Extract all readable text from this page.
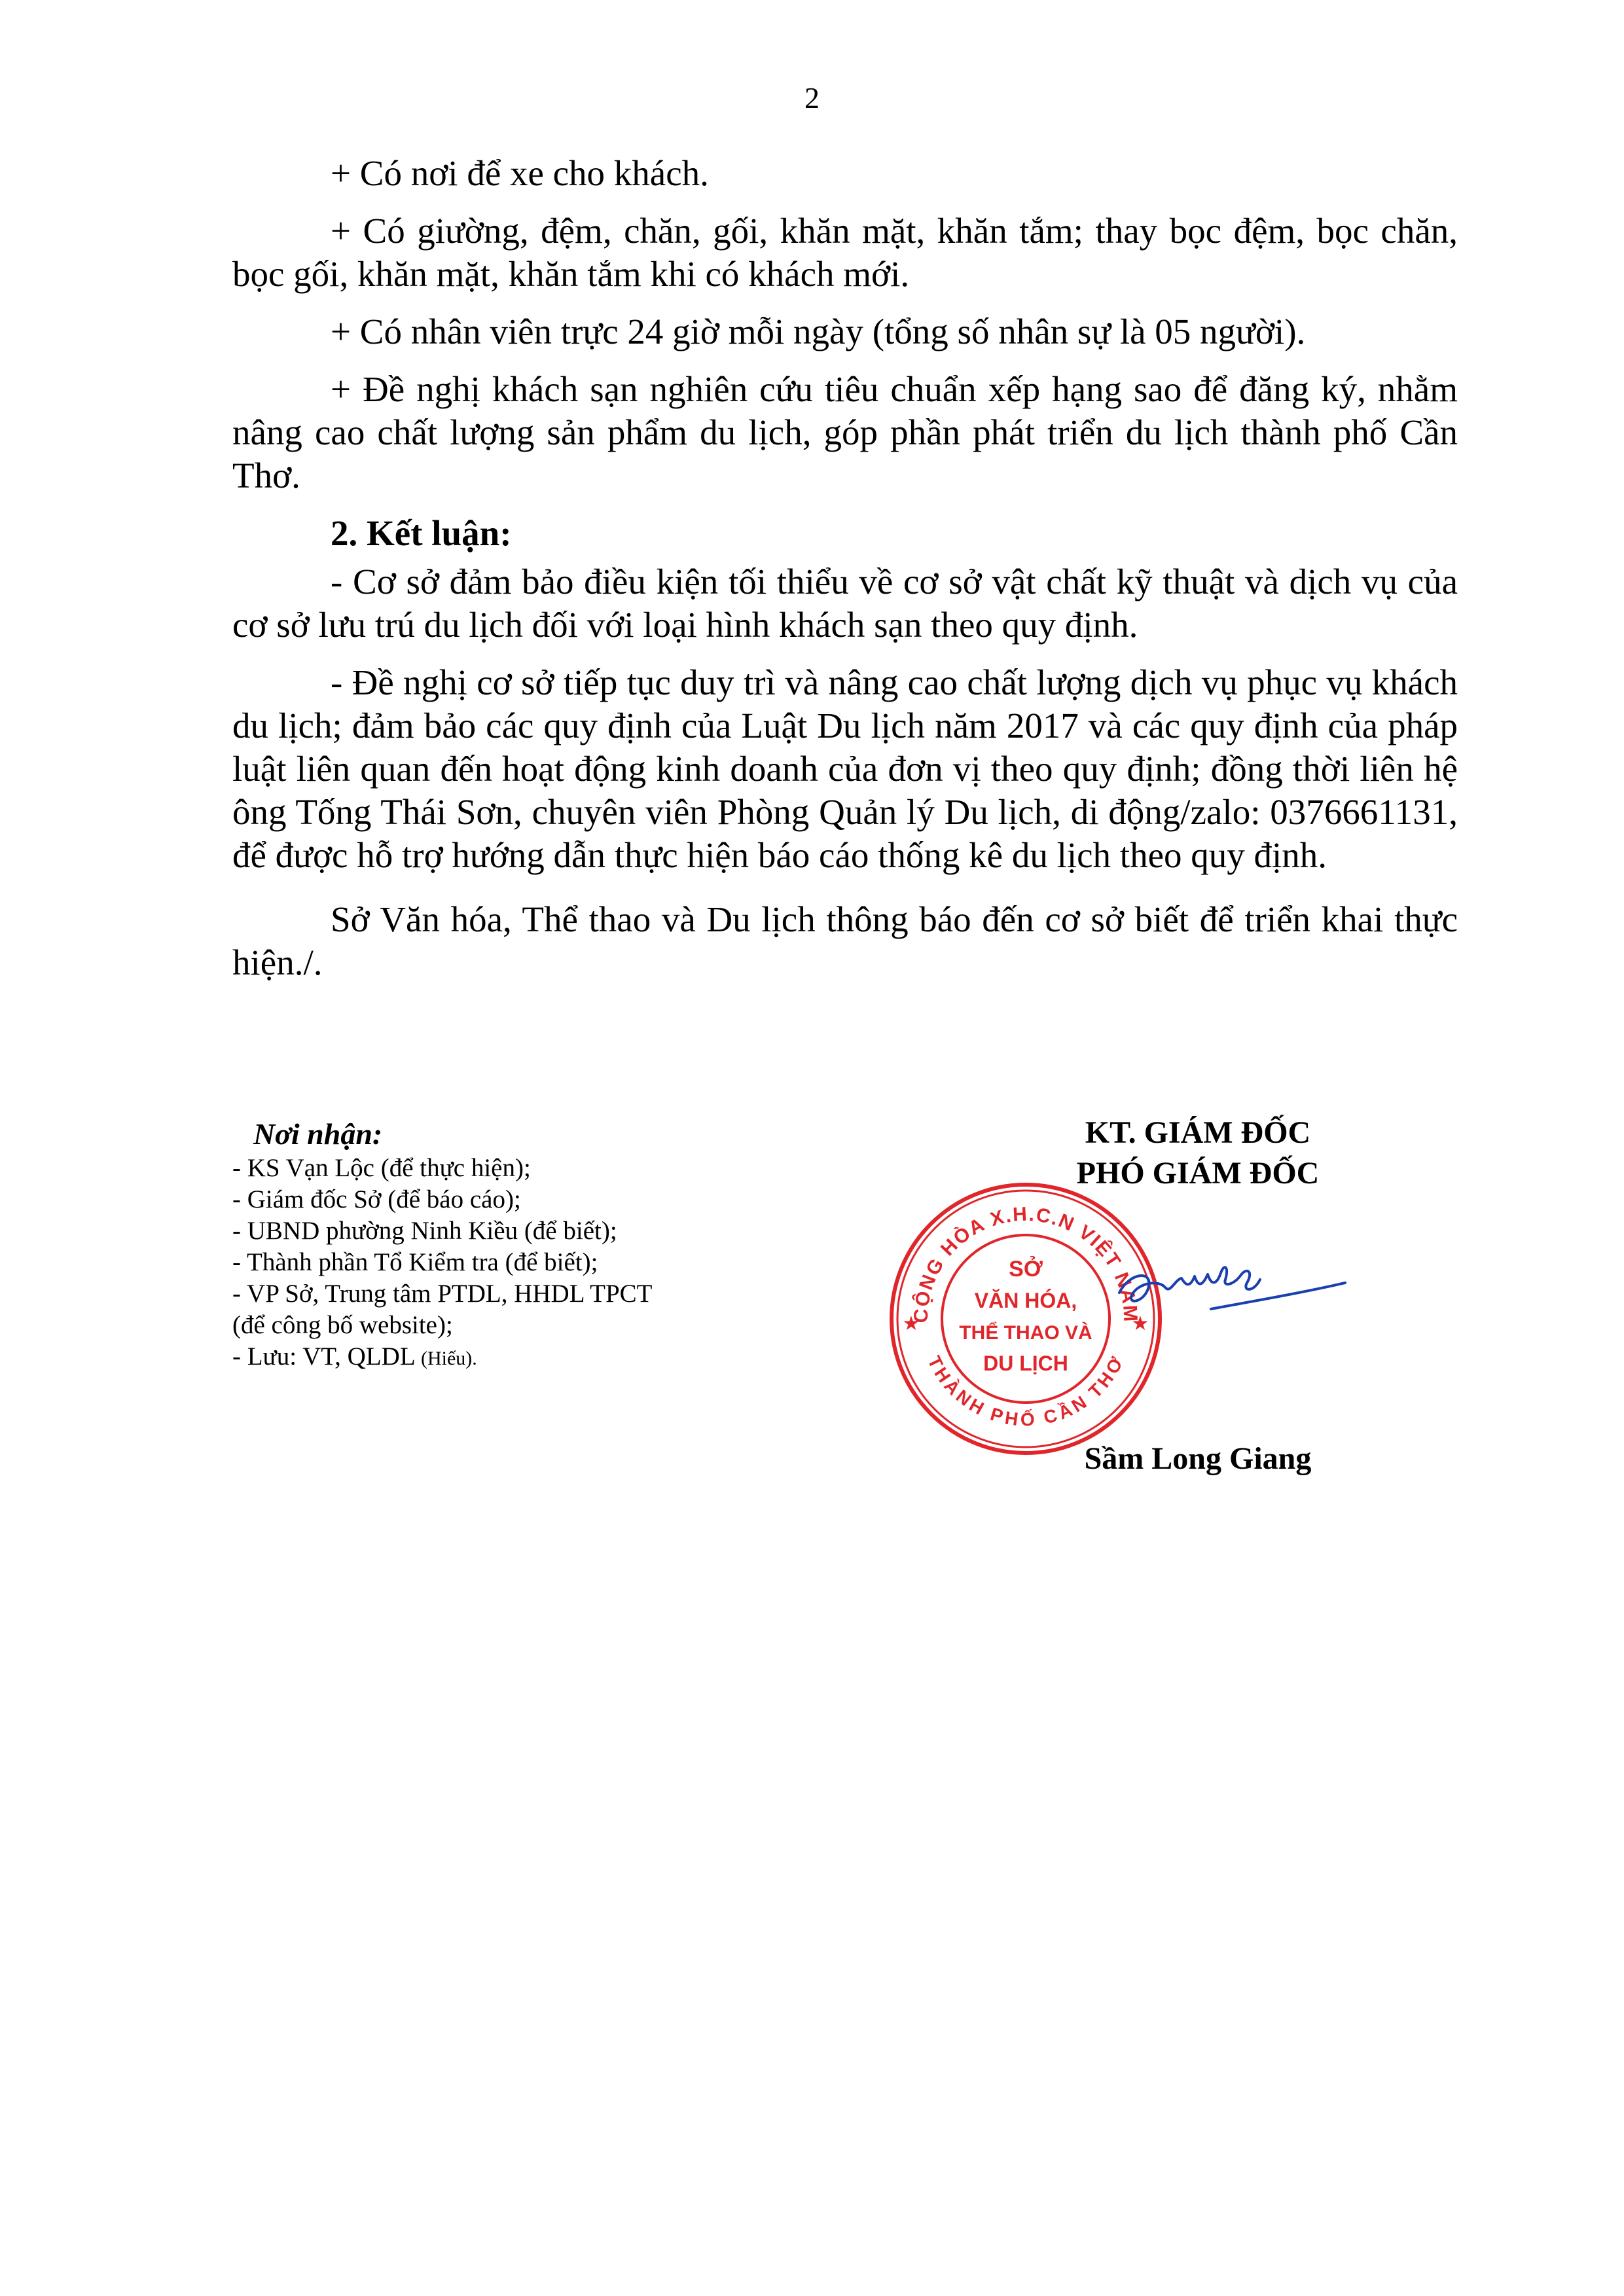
2

+ Có nơi để xe cho khách.

+ Có giường, đệm, chăn, gối, khăn mặt, khăn tắm; thay bọc đệm, bọc chăn, bọc gối, khăn mặt, khăn tắm khi có khách mới.

+ Có nhân viên trực 24 giờ mỗi ngày (tổng số nhân sự là 05 người).

+ Đề nghị khách sạn nghiên cứu tiêu chuẩn xếp hạng sao để đăng ký, nhằm nâng cao chất lượng sản phẩm du lịch, góp phần phát triển du lịch thành phố Cần Thơ.

2. Kết luận:

- Cơ sở đảm bảo điều kiện tối thiểu về cơ sở vật chất kỹ thuật và dịch vụ của cơ sở lưu trú du lịch đối với loại hình khách sạn theo quy định.

- Đề nghị cơ sở tiếp tục duy trì và nâng cao chất lượng dịch vụ phục vụ khách du lịch; đảm bảo các quy định của Luật Du lịch năm 2017 và các quy định của pháp luật liên quan đến hoạt động kinh doanh của đơn vị theo quy định; đồng thời liên hệ ông Tống Thái Sơn, chuyên viên Phòng Quản lý Du lịch, di động/zalo: 0376661131, để được hỗ trợ hướng dẫn thực hiện báo cáo thống kê du lịch theo quy định.

Sở Văn hóa, Thể thao và Du lịch thông báo đến cơ sở biết để triển khai thực hiện./.

Nơi nhận:
- KS Vạn Lộc (để thực hiện);
- Giám đốc Sở (để báo cáo);
- UBND phường Ninh Kiều (để biết);
- Thành phần Tổ Kiểm tra (để biết);
- VP Sở, Trung tâm PTDL, HHDL TPCT
(để công bố website);
- Lưu: VT, QLDL (Hiếu).
KT. GIÁM ĐỐC
PHÓ GIÁM ĐỐC
CỘNG HÒA X.H.C.N VIỆT NAM
THÀNH PHỐ CẦN THƠ
★	★
SỞ
VĂN HÓA,
THỂ THAO VÀ
DU LỊCH
Sầm Long Giang
